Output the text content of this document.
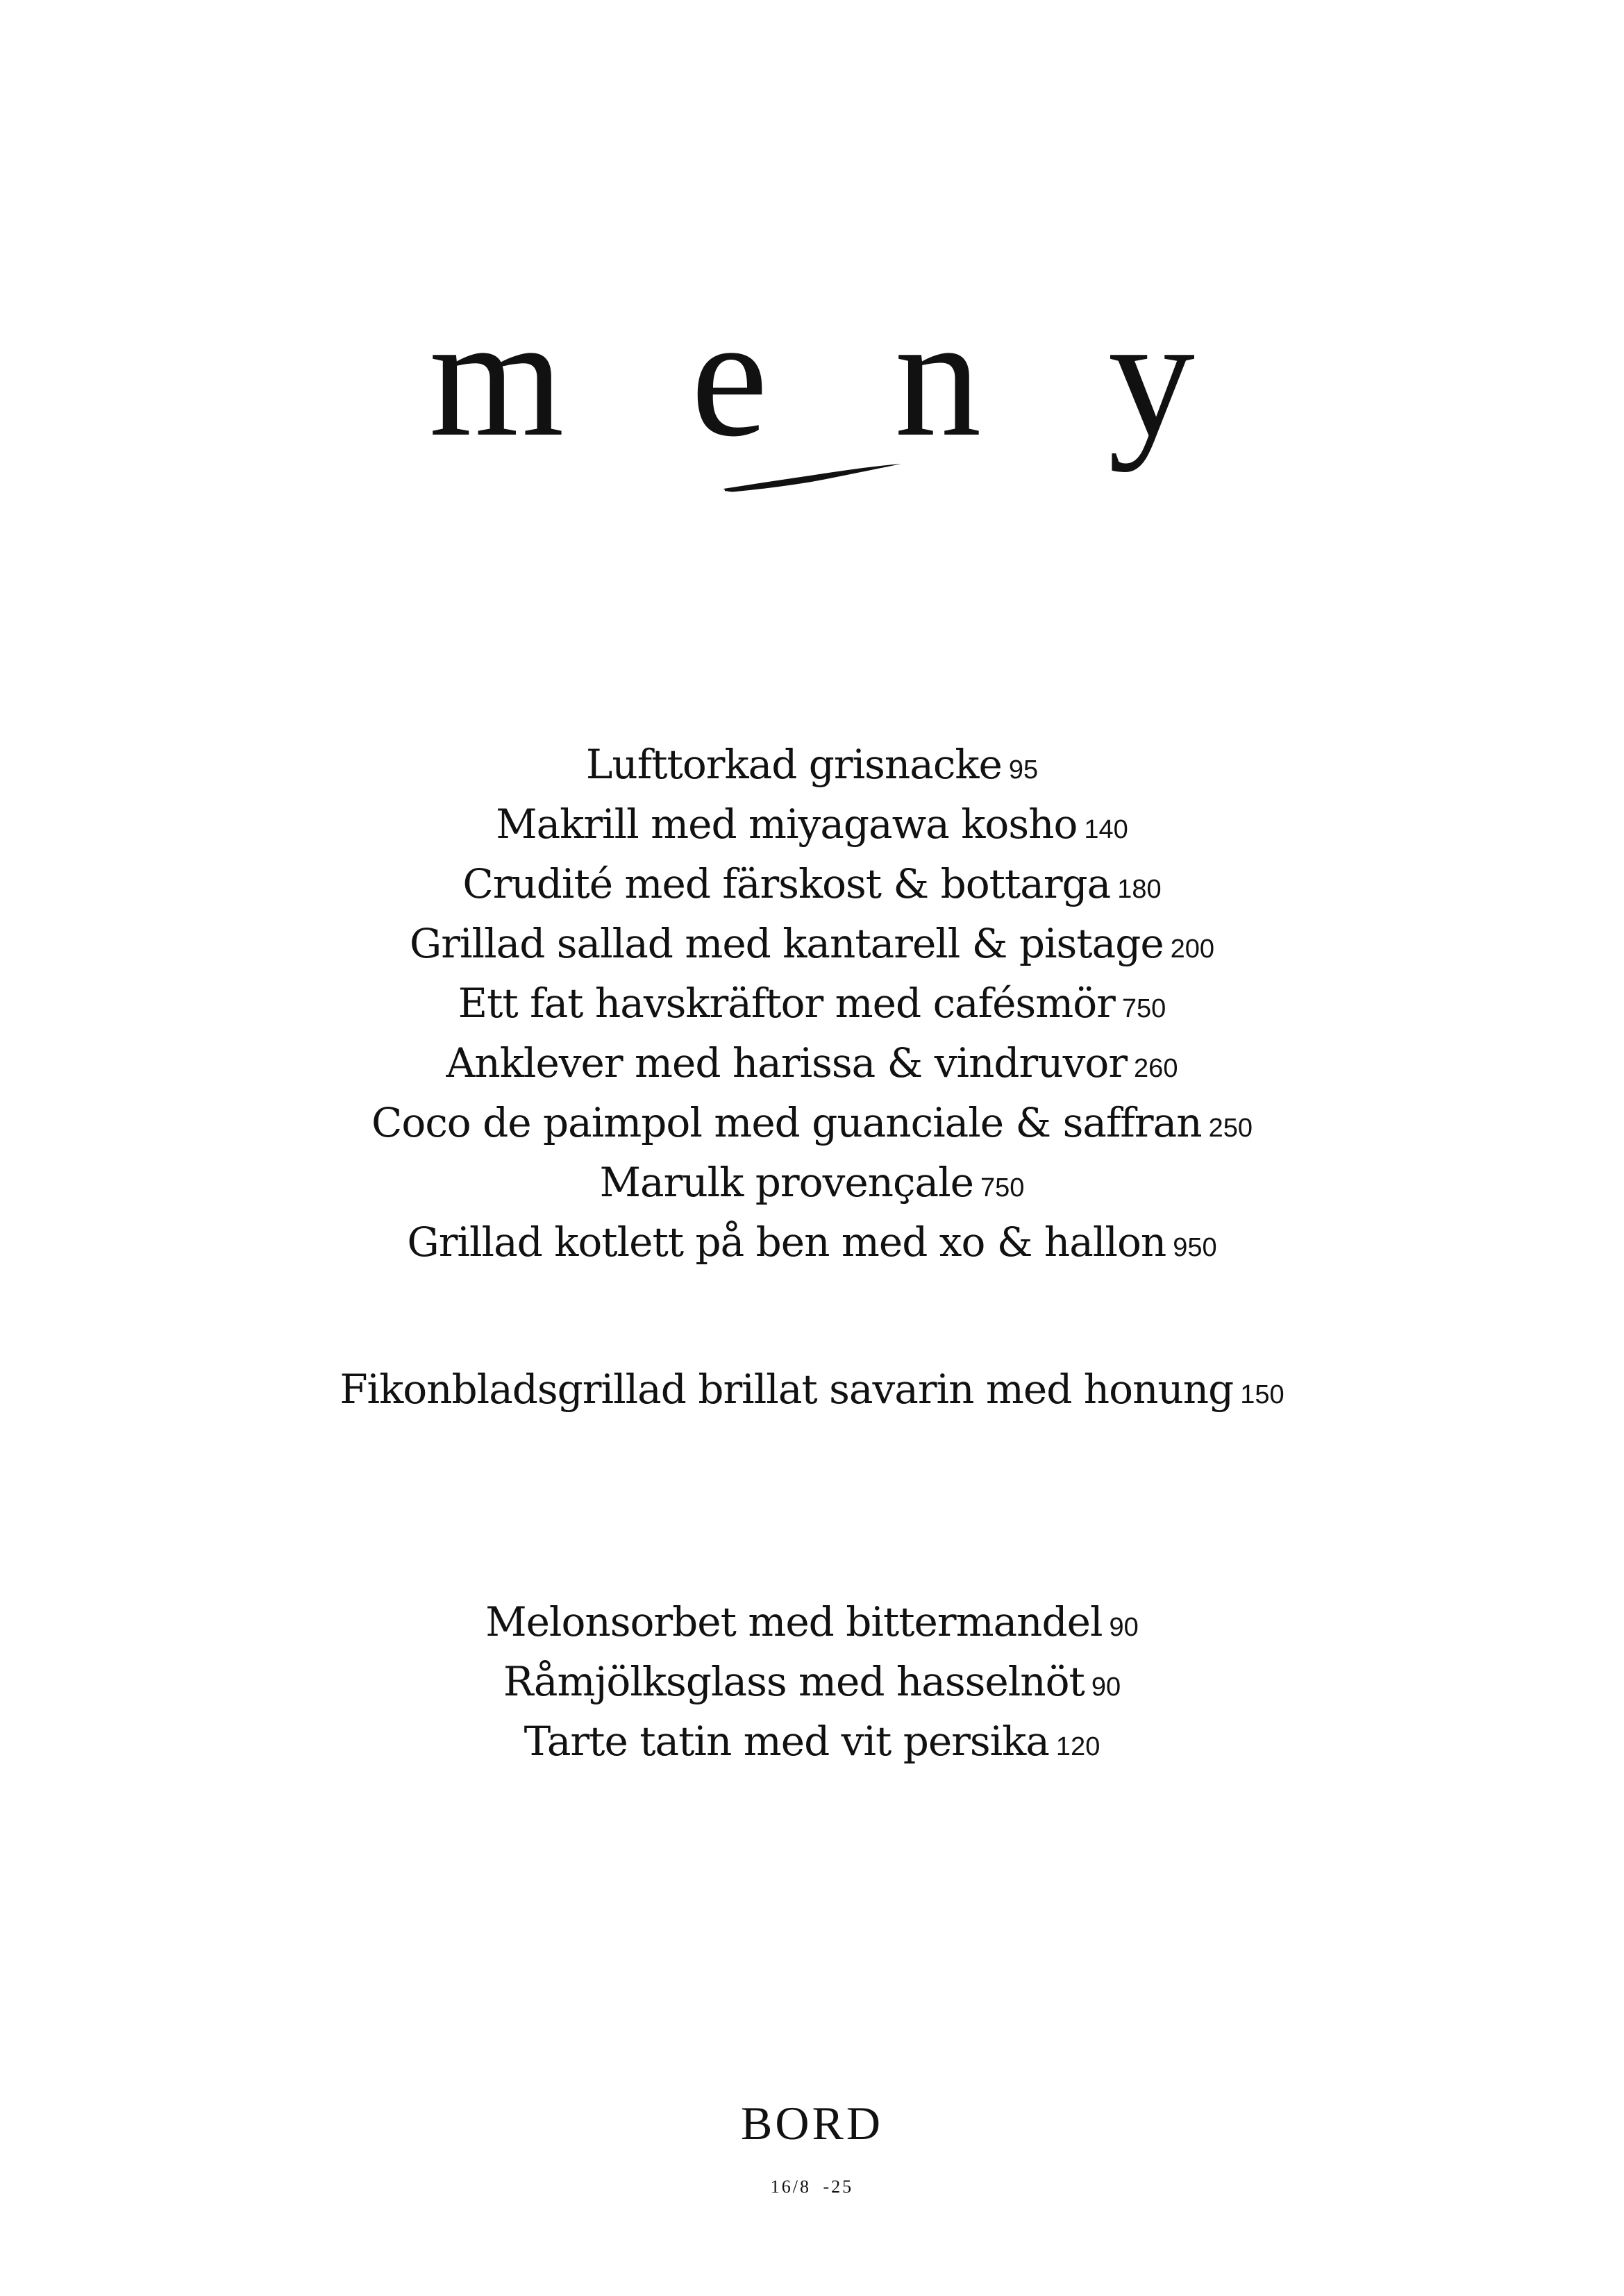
m e n y
Lufttorkad grisnacke 95
Makrill med miyagawa kosho 140
Crudité med färskost & bottarga 180
Grillad sallad med kantarell & pistage 200
Ett fat havskräftor med cafésmör 750
Anklever med harissa & vindruvor 260
Coco de paimpol med guanciale & saffran 250
Marulk provençale 750
Grillad kotlett på ben med xo & hallon 950
Fikonbladsgrillad brillat savarin med honung 150
Melonsorbet med bittermandel 90
Råmjölksglass med hasselnöt 90
Tarte tatin med vit persika 120
BORD
16/8 -25
